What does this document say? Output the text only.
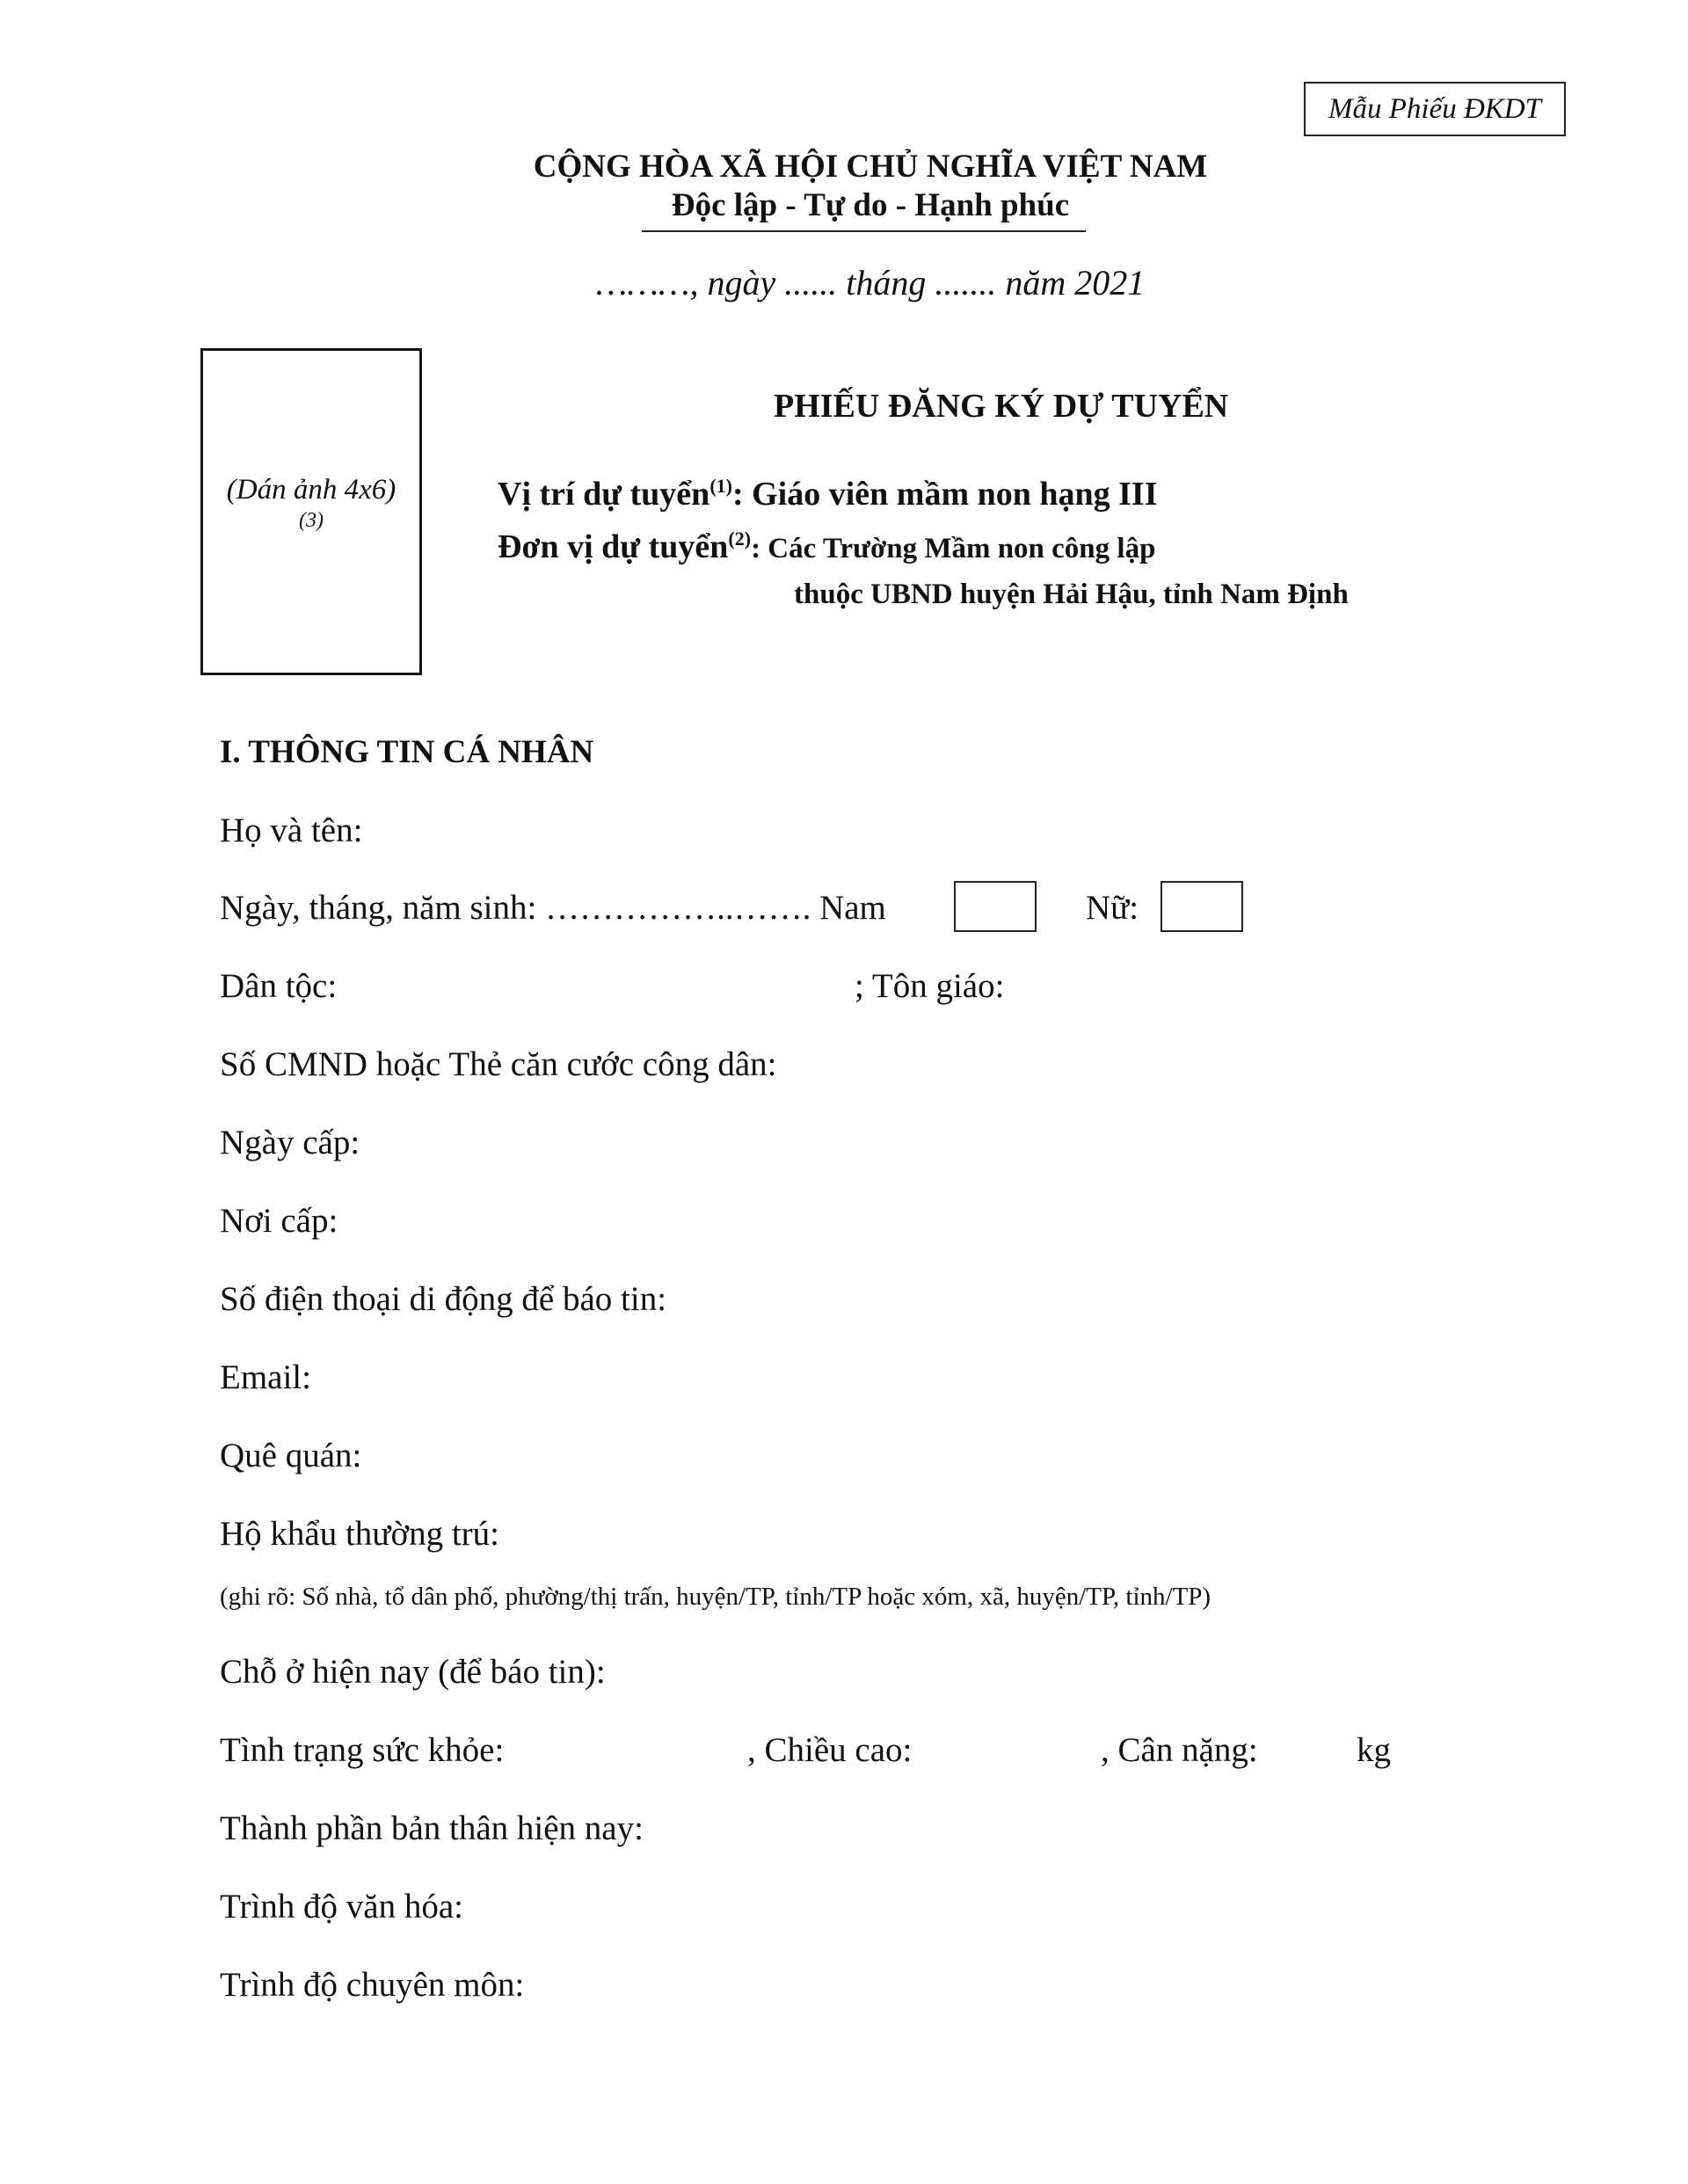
Mẫu Phiếu ĐKDT
CỘNG HÒA XÃ HỘI CHỦ NGHĨA VIỆT NAM
Độc lập - Tự do - Hạnh phúc
………, ngày ...... tháng ....... năm 2021
(Dán ảnh 4x6)
(3)
PHIẾU ĐĂNG KÝ DỰ TUYỂN
Vị trí dự tuyển$^{(1)}$: Giáo viên mầm non hạng III
Đơn vị dự tuyển$^{(2)}$: Các Trường Mầm non công lập
thuộc UBND huyện Hải Hậu, tỉnh Nam Định
I. THÔNG TIN CÁ NHÂN
Họ và tên:
Ngày, tháng, năm sinh: ……………..……. Nam	Nữ:
Dân tộc:	; Tôn giáo:
Số CMND hoặc Thẻ căn cước công dân:
Ngày cấp:
Nơi cấp:
Số điện thoại di động để báo tin:
Email:
Quê quán:
Hộ khẩu thường trú:
(ghi rõ: Số nhà, tổ dân phố, phường/thị trấn, huyện/TP, tỉnh/TP hoặc xóm, xã, huyện/TP, tỉnh/TP)
Chỗ ở hiện nay (để báo tin):
Tình trạng sức khỏe:	, Chiều cao:	, Cân nặng:	kg
Thành phần bản thân hiện nay:
Trình độ văn hóa:
Trình độ chuyên môn:
